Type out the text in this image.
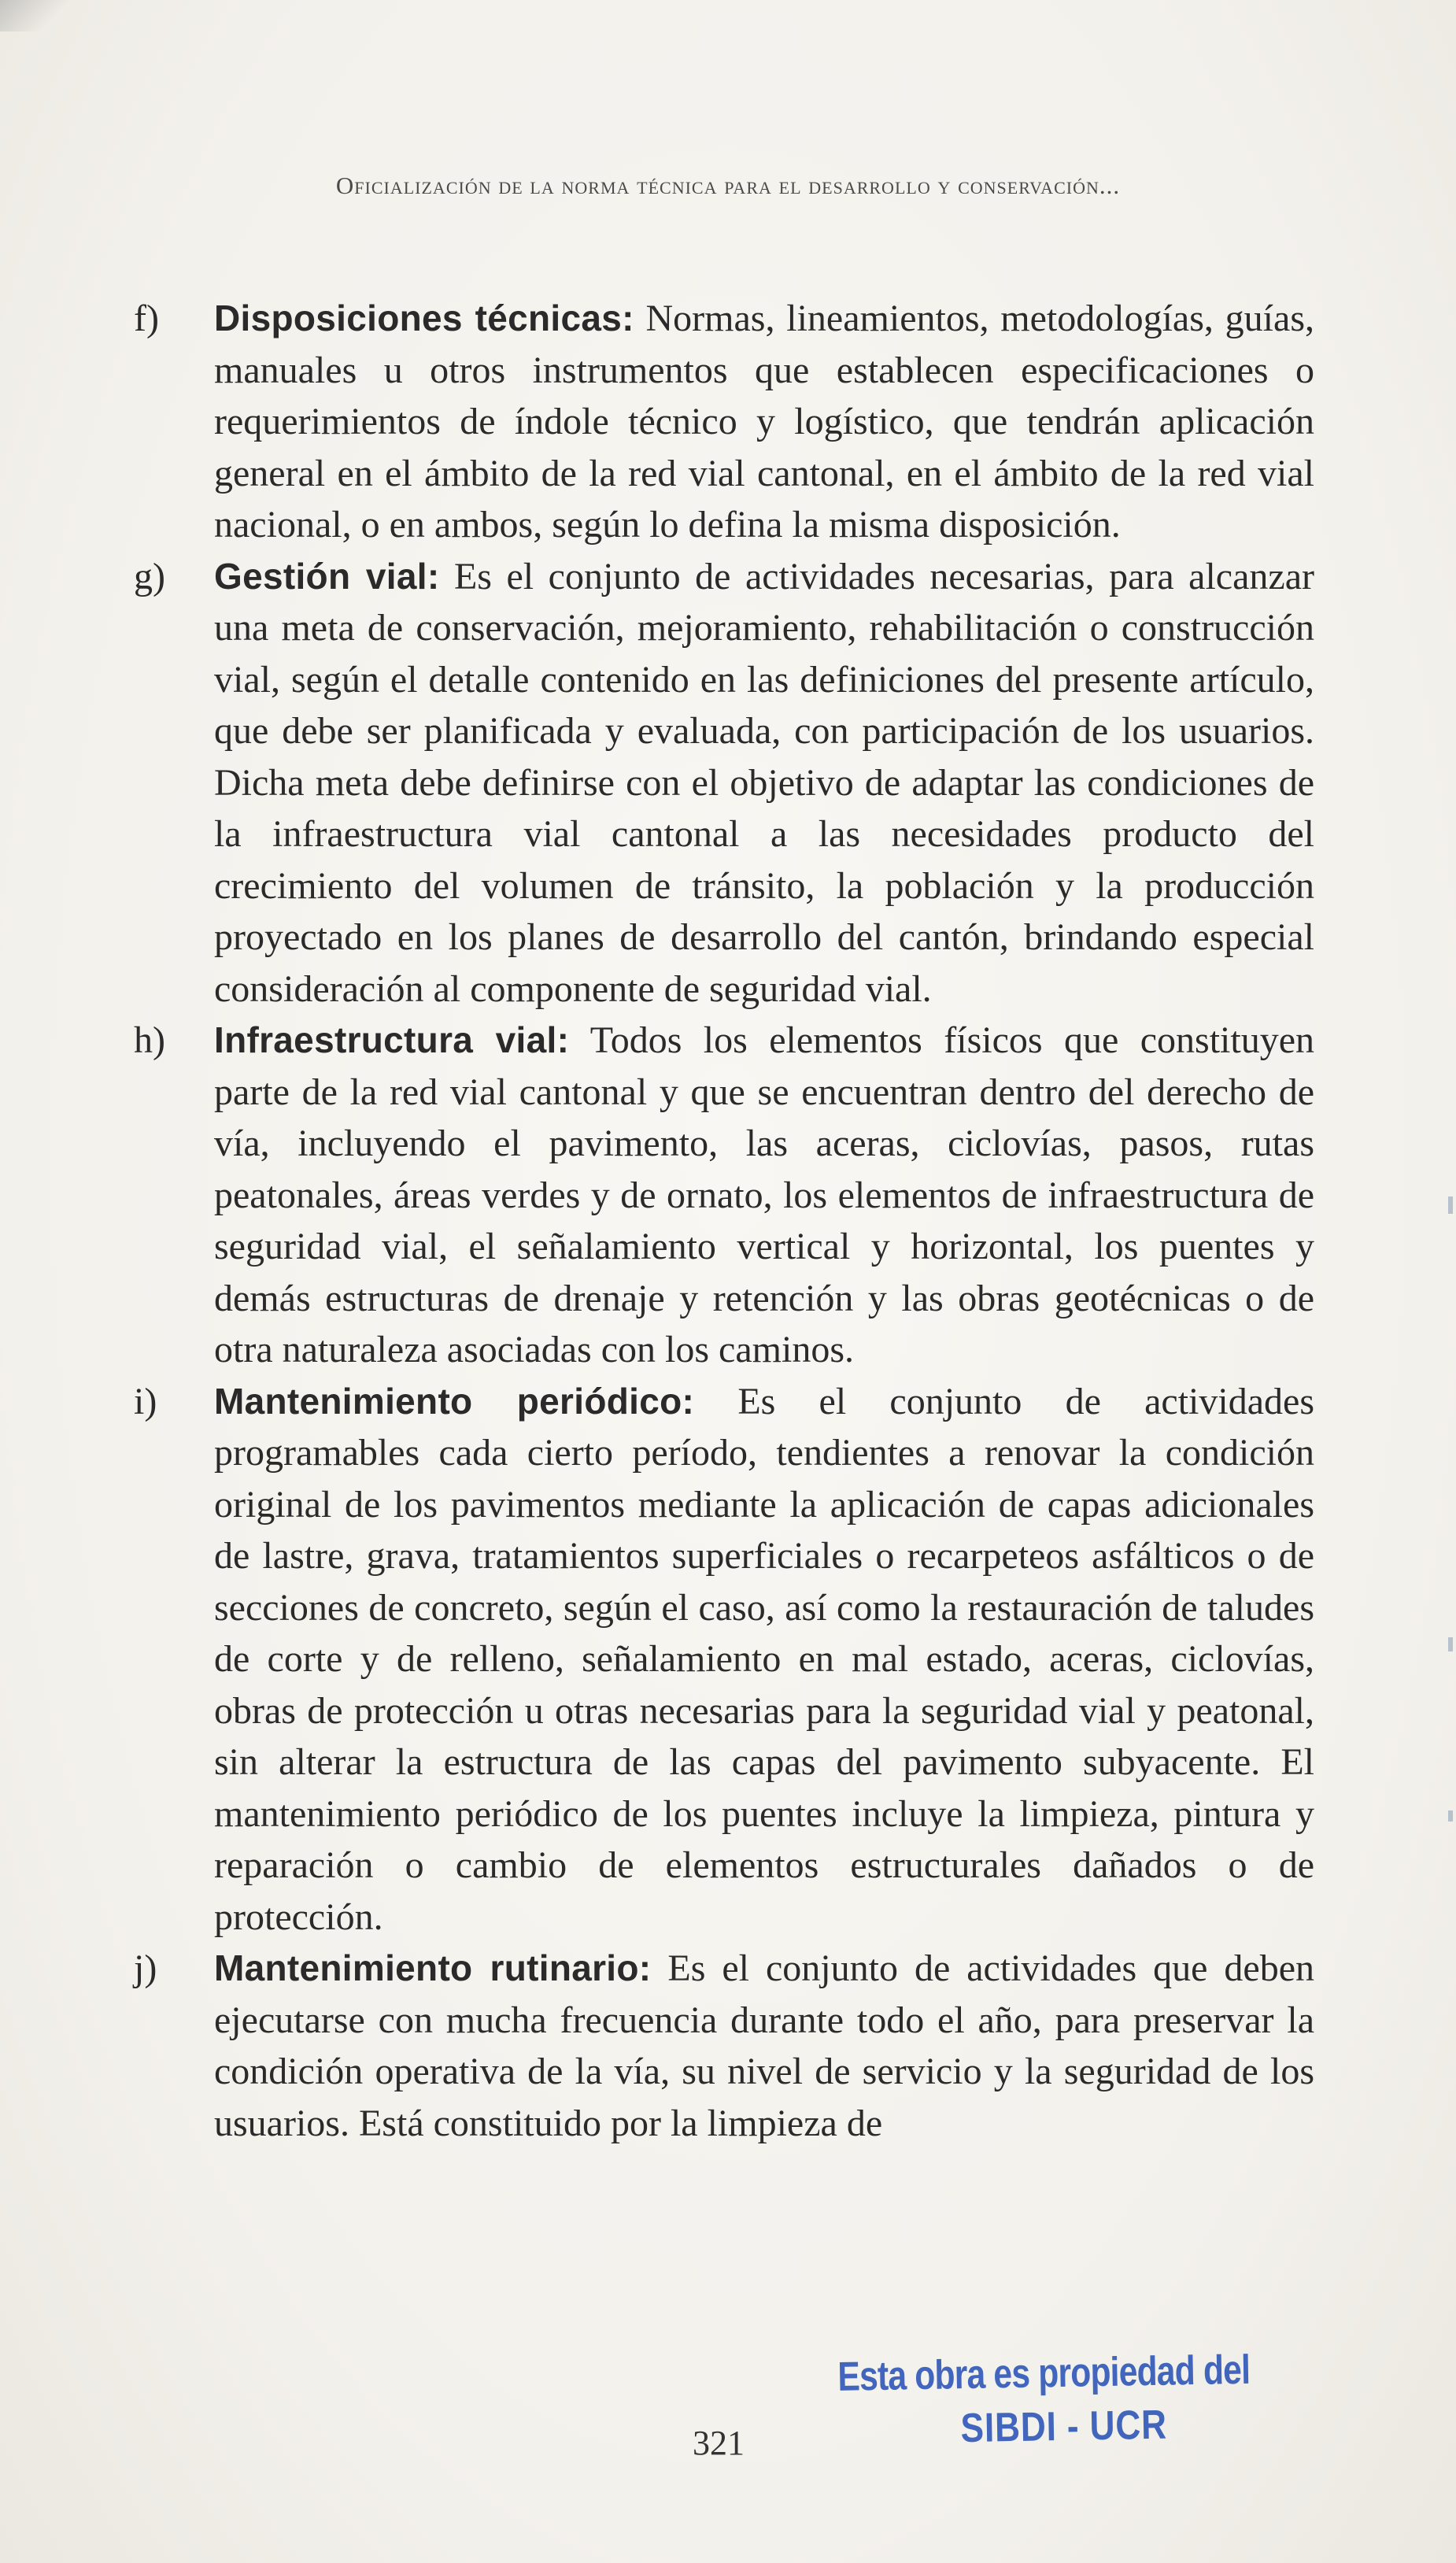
Oficialización de la norma técnica para el desarrollo y conservación...
f) Disposiciones técnicas: Normas, lineamientos, metodologías, guías, manuales u otros instrumentos que establecen especificaciones o requerimientos de índole técnico y logístico, que tendrán aplicación general en el ámbito de la red vial cantonal, en el ámbito de la red vial nacional, o en ambos, según lo defina la misma disposición.

g) Gestión vial: Es el conjunto de actividades necesarias, para alcanzar una meta de conservación, mejoramiento, rehabilitación o construcción vial, según el detalle contenido en las definiciones del presente artículo, que debe ser planificada y evaluada, con participación de los usuarios. Dicha meta debe definirse con el objetivo de adaptar las condiciones de la infraestructura vial cantonal a las necesidades producto del crecimiento del volumen de tránsito, la población y la producción proyectado en los planes de desarrollo del cantón, brindando especial consideración al componente de seguridad vial.

h) Infraestructura vial: Todos los elementos físicos que constituyen parte de la red vial cantonal y que se encuentran dentro del derecho de vía, incluyendo el pavimento, las aceras, ciclovías, pasos, rutas peatonales, áreas verdes y de ornato, los elementos de infraestructura de seguridad vial, el señalamiento vertical y horizontal, los puentes y demás estructuras de drenaje y retención y las obras geotécnicas o de otra naturaleza asociadas con los caminos.

i) Mantenimiento periódico: Es el conjunto de actividades programables cada cierto período, tendientes a renovar la condición original de los pavimentos mediante la aplicación de capas adicionales de lastre, grava, tratamientos superficiales o recarpeteos asfálticos o de secciones de concreto, según el caso, así como la restauración de taludes de corte y de relleno, señalamiento en mal estado, aceras, ciclovías, obras de protección u otras necesarias para la seguridad vial y peatonal, sin alterar la estructura de las capas del pavimento subyacente. El mantenimiento periódico de los puentes incluye la limpieza, pintura y reparación o cambio de elementos estructurales dañados o de protección.

j) Mantenimiento rutinario: Es el conjunto de actividades que deben ejecutarse con mucha frecuencia durante todo el año, para preservar la condición operativa de la vía, su nivel de servicio y la seguridad de los usuarios. Está constituido por la limpieza de

321
Esta obra es propiedad del
SIBDI - UCR
